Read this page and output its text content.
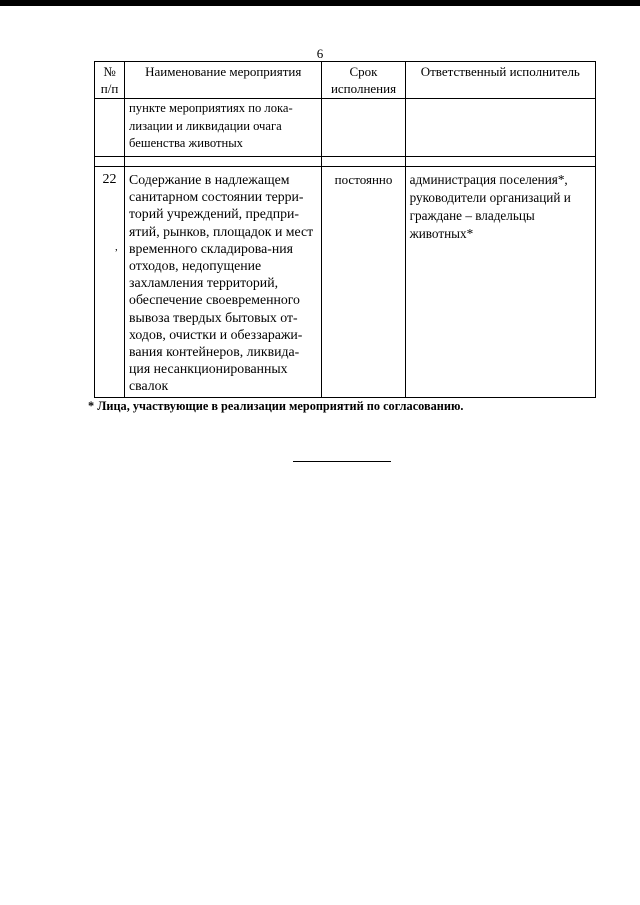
6
№ п/п	Наименование мероприятия	Срок исполнения	Ответственный исполнитель
	пункте мероприятиях по лока-лизации и ликвидации очага бешенства животных		

22	Содержание в надлежащем санитарном состоянии терри-торий учреждений, предпри-ятий, рынков, площадок и мест временного складирова-ния отходов, недопущение захламления территорий, обеспечение своевременного вывоза твердых бытовых от-ходов, очистки и обеззаражи-вания контейнеров, ликвида-ция несанкционированных свалок	постоянно	администрация поселения*, руководители организаций и граждане – владельцы животных*
,
* Лица, участвующие в реализации мероприятий по согласованию.
